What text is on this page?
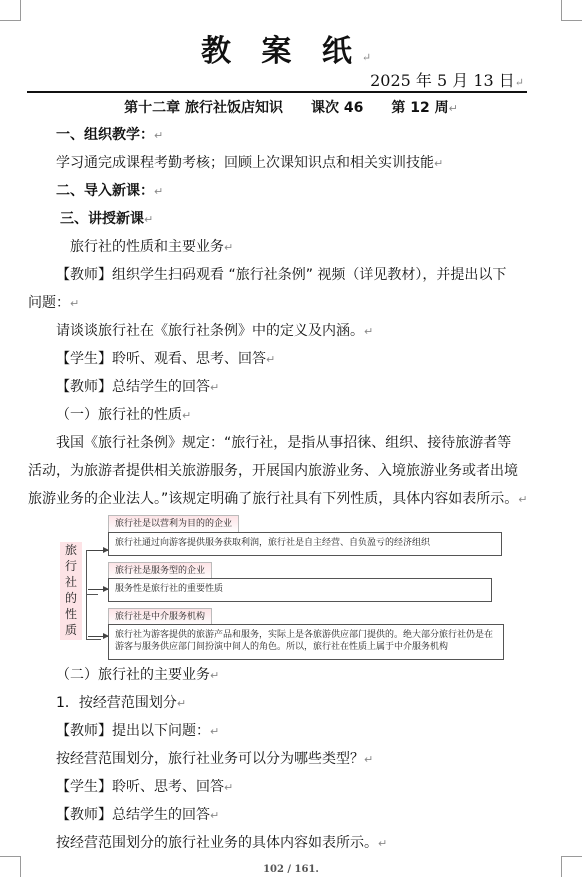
教 案 纸↵
2025 年 5 月 13 日↵
第十二章 旅行社饭店知识 课次 46 第 12 周↵
一、组织教学：↵
学习通完成课程考勤考核；回顾上次课知识点和相关实训技能↵
二、导入新课：↵
三、讲授新课↵
旅行社的性质和主要业务↵
【教师】组织学生扫码观看 “旅行社条例” 视频（详见教材），并提出以下
问题：↵
请谈谈旅行社在《旅行社条例》中的定义及内涵。↵
【学生】聆听、观看、思考、回答↵
【教师】总结学生的回答↵
（一）旅行社的性质↵
我国《旅行社条例》规定：“旅行社，是指从事招徕、组织、接待旅游者等
活动，为旅游者提供相关旅游服务，开展国内旅游业务、入境旅游业务或者出境
旅游业务的企业法人。”该规定明确了旅行社具有下列性质，具体内容如表所示。↵
旅行社的性质
旅行社是以营利为目的的企业
旅行社通过向游客提供服务获取利润，旅行社是自主经营、自负盈亏的经济组织
旅行社是服务型的企业
服务性是旅行社的重要性质
旅行社是中介服务机构
旅行社为游客提供的旅游产品和服务，实际上是各旅游供应部门提供的。绝大部分旅行社仍是在游客与服务供应部门间扮演中间人的角色。所以，旅行社在性质上属于中介服务机构
（二）旅行社的主要业务↵
1．按经营范围划分↵
【教师】提出以下问题：↵
按经营范围划分，旅行社业务可以分为哪些类型？↵
【学生】聆听、思考、回答↵
【教师】总结学生的回答↵
按经营范围划分的旅行社业务的具体内容如表所示。↵
102 / 161.
